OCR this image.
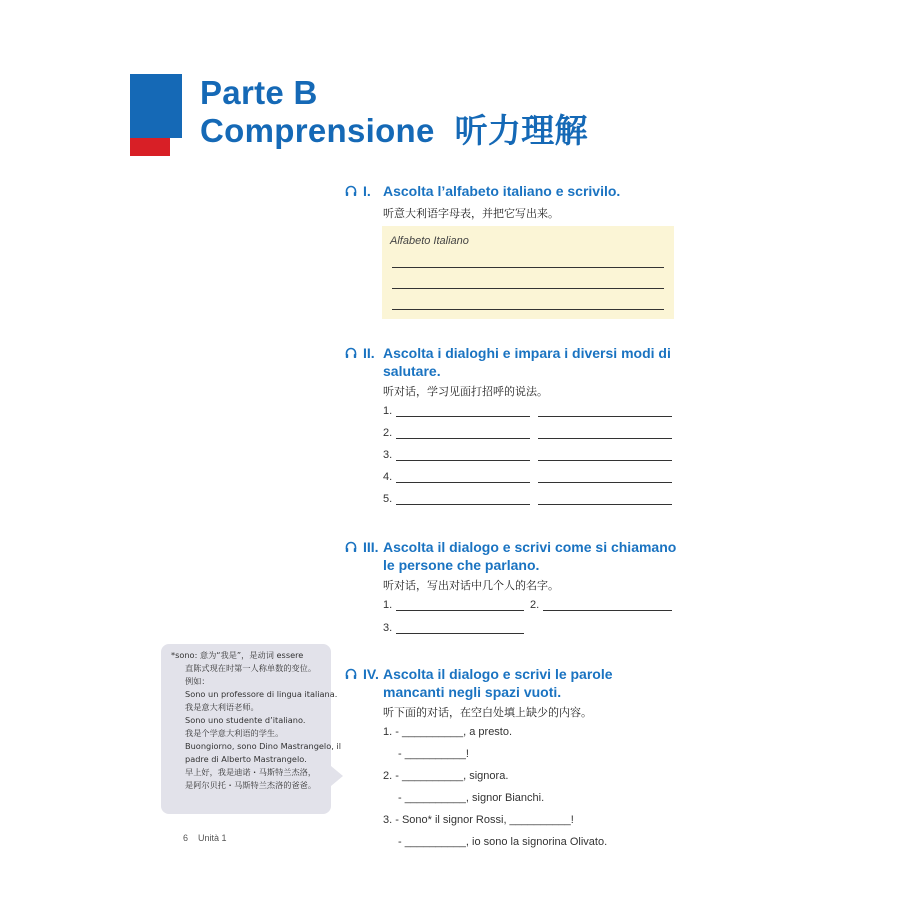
Parte B
Comprensione 听力理解
I. Ascolta l’alfabeto italiano e scrivilo.
听意大利语字母表，并把它写出来。
Alfabeto Italiano
II. Ascolta i dialoghi e impara i diversi modi di
salutare.
听对话，学习见面打招呼的说法。
1.
2.
3.
4.
5.
III. Ascolta il dialogo e scrivi come si chiamano
le persone che parlano.
听对话，写出对话中几个人的名字。
1.	2.
3.
IV. Ascolta il dialogo e scrivi le parole
mancanti negli spazi vuoti.
听下面的对话，在空白处填上缺少的内容。
1. - __________, a presto.
- __________!
2. - __________, signora.
- __________, signor Bianchi.
3. - Sono* il signor Rossi, __________!
- __________, io sono la signorina Olivato.
*sono: 意为“我是”，是动词 essere
直陈式现在时第一人称单数的变位。
例如：
Sono un professore di lingua italiana.
我是意大利语老师。
Sono uno studente d’italiano.
我是个学意大利语的学生。
Buongiorno, sono Dino Mastrangelo, il
padre di Alberto Mastrangelo.
早上好，我是迪诺・马斯特兰杰洛，
是阿尔贝托・马斯特兰杰洛的爸爸。
6 Unità 1
